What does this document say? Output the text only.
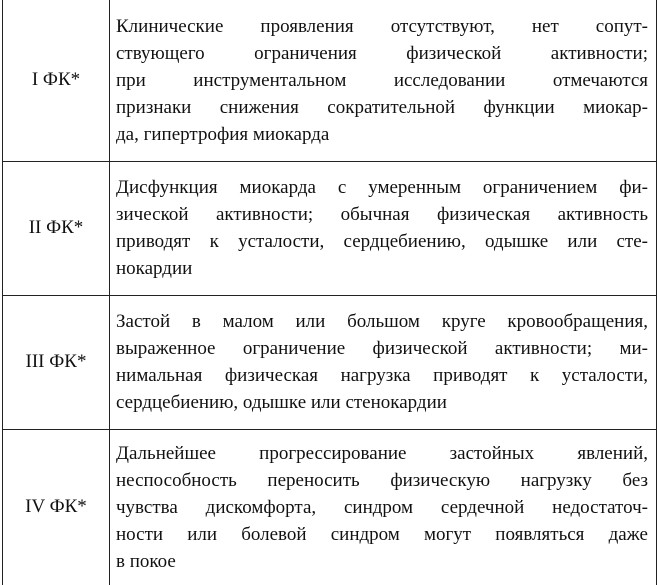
I ФК*	Клинические проявления отсутствуют, нет сопут-
ствующего ограничения физической активности;
при инструментальном исследовании отмечаются
признаки снижения сократительной функции миокар-
да, гипертрофия миокарда

II ФК*	Дисфункция миокарда с умеренным ограничением фи-
зической активности; обычная физическая активность
приводят к усталости, сердцебиению, одышке или сте-
нокардии

III ФК*	Застой в малом или большом круге кровообращения,
выраженное ограничение физической активности; ми-
нимальная физическая нагрузка приводят к усталости,
сердцебиению, одышке или стенокардии

IV ФК*	Дальнейшее прогрессирование застойных явлений,
неспособность переносить физическую нагрузку без
чувства дискомфорта, синдром сердечной недостаточ-
ности или болевой синдром могут появляться даже
в покое
